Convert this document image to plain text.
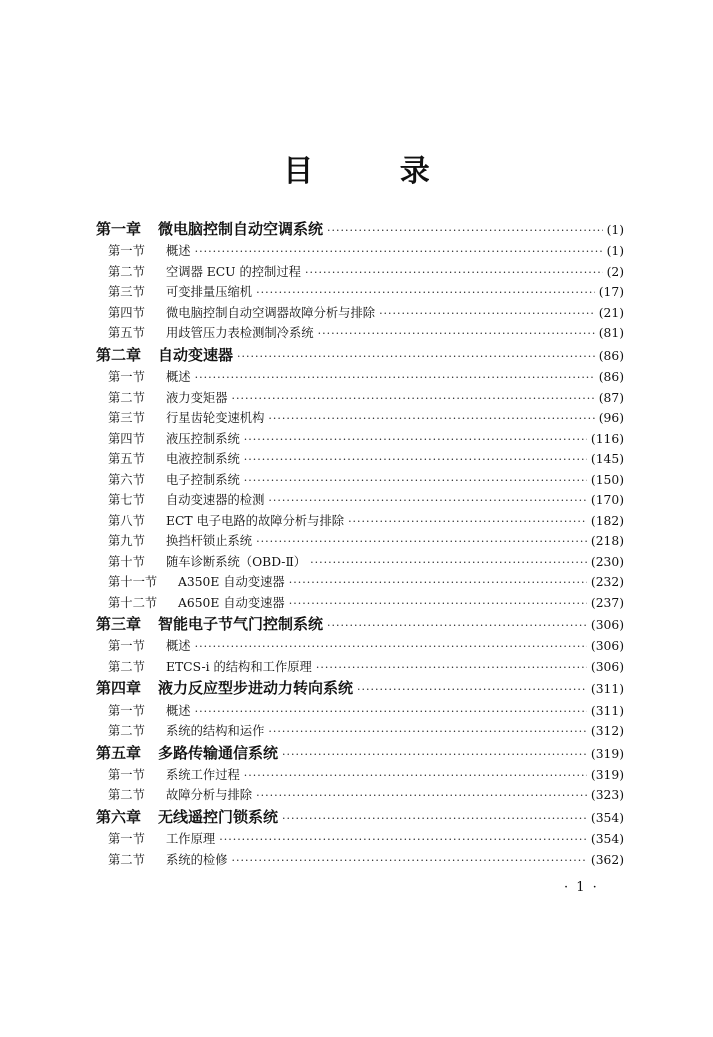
目 录
第一章	微电脑控制自动空调系统 ·····	(1)
第一节	概述 ·····	(1)
第二节	空调器 ECU 的控制过程 ·····	(2)
第三节	可变排量压缩机 ·····	(17)
第四节	微电脑控制自动空调器故障分析与排除 ·····	(21)
第五节	用歧管压力表检测制冷系统 ·····	(81)
第二章	自动变速器 ·····	(86)
第一节	概述 ·····	(86)
第二节	液力变矩器 ·····	(87)
第三节	行星齿轮变速机构 ·····	(96)
第四节	液压控制系统 ·····	(116)
第五节	电液控制系统 ·····	(145)
第六节	电子控制系统 ·····	(150)
第七节	自动变速器的检测 ·····	(170)
第八节	ECT 电子电路的故障分析与排除 ·····	(182)
第九节	换挡杆锁止系统 ·····	(218)
第十节	随车诊断系统（OBD-Ⅱ） ·····	(230)
第十一节	A350E 自动变速器 ·····	(232)
第十二节	A650E 自动变速器 ·····	(237)
第三章	智能电子节气门控制系统 ·····	(306)
第一节	概述 ·····	(306)
第二节	ETCS-i 的结构和工作原理 ·····	(306)
第四章	液力反应型步进动力转向系统 ·····	(311)
第一节	概述 ·····	(311)
第二节	系统的结构和运作 ·····	(312)
第五章	多路传输通信系统 ·····	(319)
第一节	系统工作过程 ·····	(319)
第二节	故障分析与排除 ·····	(323)
第六章	无线遥控门锁系统 ·····	(354)
第一节	工作原理 ·····	(354)
第二节	系统的检修 ·····	(362)
· 1 ·
